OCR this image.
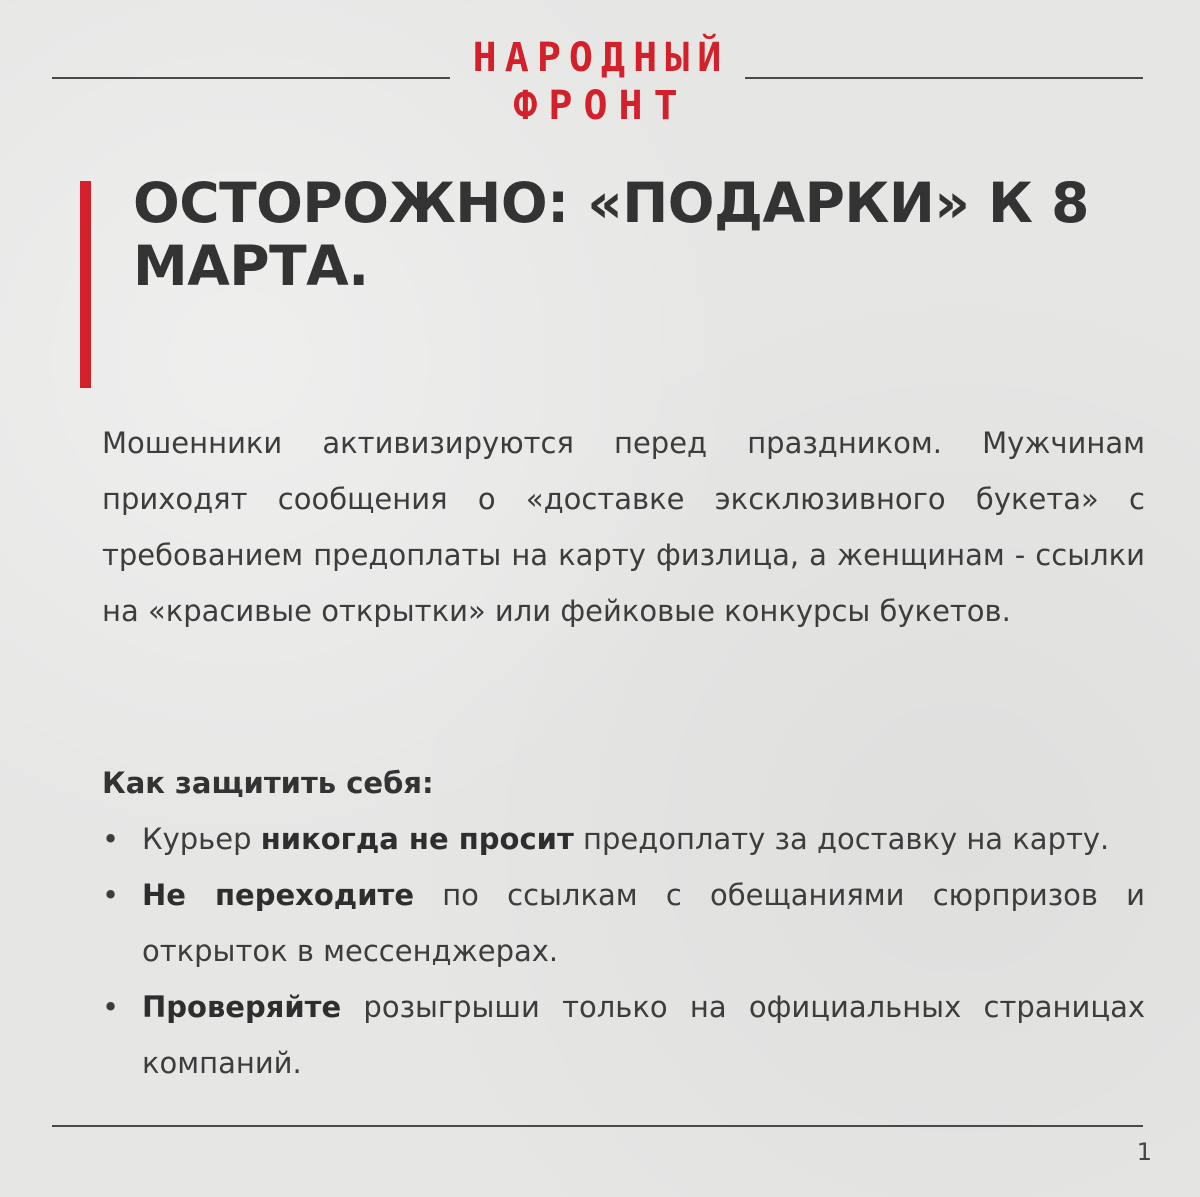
НАРОДНЫЙ
ФРОНТ
ОСТОРОЖНО: «ПОДАРКИ» К 8 МАРТА.

Мошенники активизируются перед праздником. Мужчинам приходят сообщения о «доставке эксклюзивного букета» с требованием предоплаты на карту физлица, а женщинам - ссылки на «красивые открытки» или фейковые конкурсы букетов.

Как защитить себя:
• Курьер никогда не просит предоплату за доставку на карту.
• Не переходите по ссылкам с обещаниями сюрпризов и открыток в мессенджерах.
• Проверяйте розыгрыши только на официальных страницах компаний.
1
